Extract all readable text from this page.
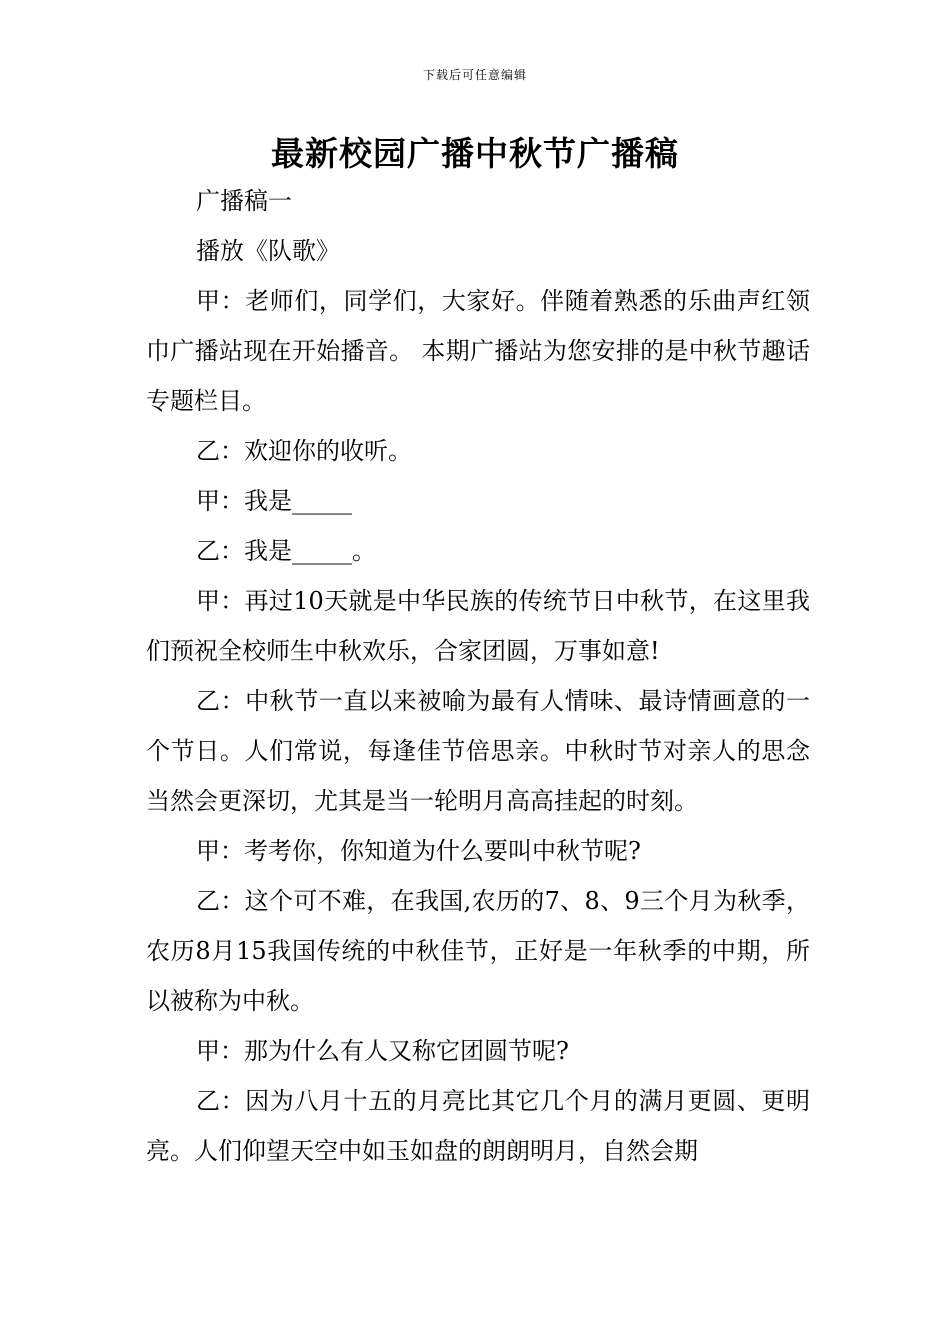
下载后可任意编辑
最新校园广播中秋节广播稿

广播稿一

播放《队歌》

甲：老师们，同学们，大家好。伴随着熟悉的乐曲声红领巾广播站现在开始播音。 本期广播站为您安排的是中秋节趣话专题栏目。

乙：欢迎你的收听。

甲：我是_____

乙：我是_____。

甲：再过10天就是中华民族的传统节日中秋节，在这里我们预祝全校师生中秋欢乐，合家团圆，万事如意!

乙：中秋节一直以来被喻为最有人情味、最诗情画意的一个节日。人们常说，每逢佳节倍思亲。中秋时节对亲人的思念当然会更深切，尤其是当一轮明月高高挂起的时刻。

甲：考考你，你知道为什么要叫中秋节呢?

乙：这个可不难，在我国,农历的7、8、9三个月为秋季，农历8月15我国传统的中秋佳节，正好是一年秋季的中期，所以被称为中秋。

甲：那为什么有人又称它团圆节呢?

乙：因为八月十五的月亮比其它几个月的满月更圆、更明亮。人们仰望天空中如玉如盘的朗朗明月，自然会期
